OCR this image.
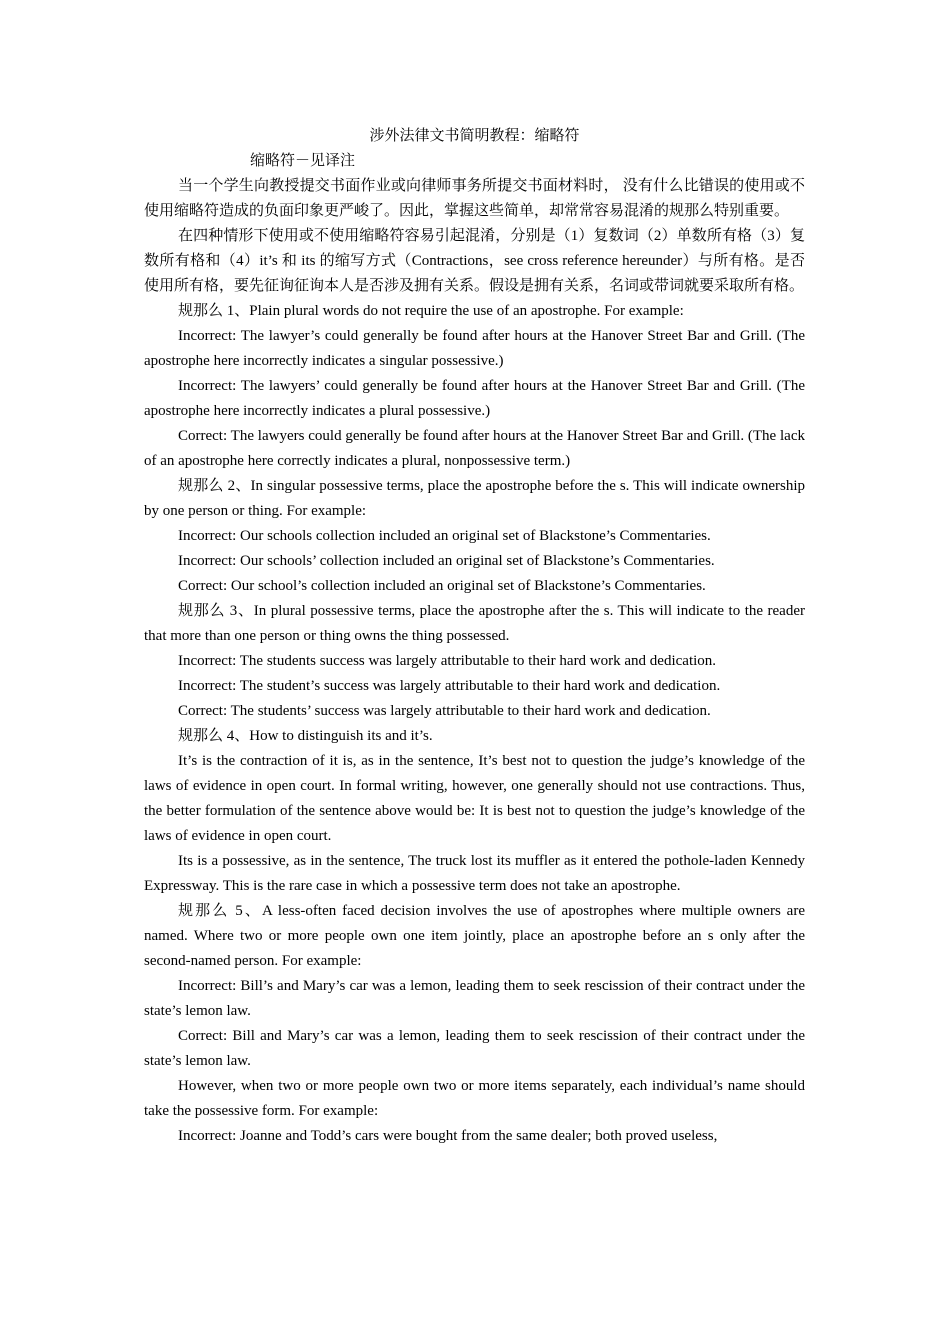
涉外法律文书简明教程：缩略符
缩略符－见译注

当一个学生向教授提交书面作业或向律师事务所提交书面材料时， 没有什么比错误的使用或不使用缩略符造成的负面印象更严峻了。因此，掌握这些简单，却常常容易混淆的规那么特别重要。

在四种情形下使用或不使用缩略符容易引起混淆，分别是（1）复数词（2）单数所有格（3）复数所有格和（4）it’s 和 its 的缩写方式（Contractions，see cross reference hereunder）与所有格。是否使用所有格，要先征询征询本人是否涉及拥有关系。假设是拥有关系，名词或带词就要采取所有格。

规那么 1、Plain plural words do not require the use of an apostrophe. For example:

Incorrect: The lawyer’s could generally be found after hours at the Hanover Street Bar and Grill. (The apostrophe here incorrectly indicates a singular possessive.)

Incorrect: The lawyers’ could generally be found after hours at the Hanover Street Bar and Grill. (The apostrophe here incorrectly indicates a plural possessive.)

Correct: The lawyers could generally be found after hours at the Hanover Street Bar and Grill. (The lack of an apostrophe here correctly indicates a plural, nonpossessive term.)

规那么 2、In singular possessive terms, place the apostrophe before the s. This will indicate ownership by one person or thing. For example:

Incorrect: Our schools collection included an original set of Blackstone’s Commentaries.

Incorrect: Our schools’ collection included an original set of Blackstone’s Commentaries.

Correct: Our school’s collection included an original set of Blackstone’s Commentaries.

规那么 3、In plural possessive terms, place the apostrophe after the s. This will indicate to the reader that more than one person or thing owns the thing possessed.

Incorrect: The students success was largely attributable to their hard work and dedication.

Incorrect: The student’s success was largely attributable to their hard work and dedication.

Correct: The students’ success was largely attributable to their hard work and dedication.

规那么 4、How to distinguish its and it’s.

It’s is the contraction of it is, as in the sentence, It’s best not to question the judge’s knowledge of the laws of evidence in open court. In formal writing, however, one generally should not use contractions. Thus, the better formulation of the sentence above would be: It is best not to question the judge’s knowledge of the laws of evidence in open court.

Its is a possessive, as in the sentence, The truck lost its muffler as it entered the pothole-laden Kennedy Expressway. This is the rare case in which a possessive term does not take an apostrophe.

规那么 5、A less-often faced decision involves the use of apostrophes where multiple owners are named. Where two or more people own one item jointly, place an apostrophe before an s only after the second-named person. For example:

Incorrect: Bill’s and Mary’s car was a lemon, leading them to seek rescission of their contract under the state’s lemon law.

Correct: Bill and Mary’s car was a lemon, leading them to seek rescission of their contract under the state’s lemon law.

However, when two or more people own two or more items separately, each individual’s name should take the possessive form. For example:

Incorrect: Joanne and Todd’s cars were bought from the same dealer; both proved useless,
